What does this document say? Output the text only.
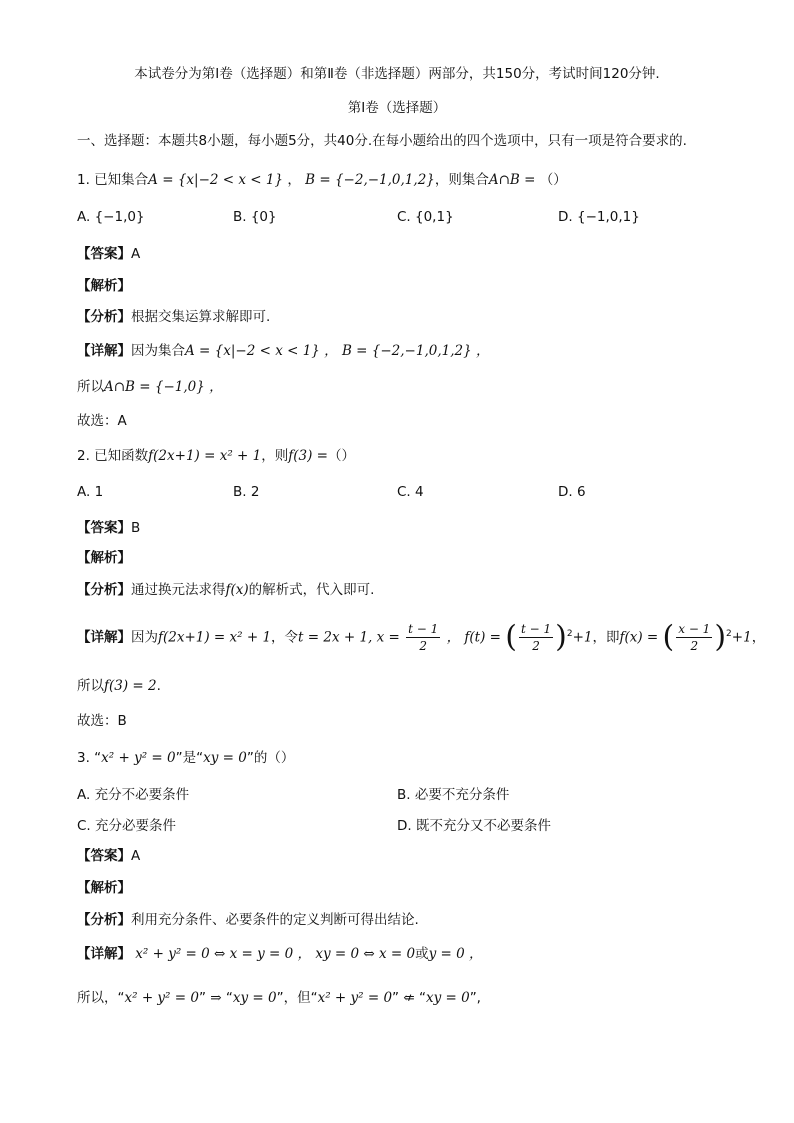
本试卷分为第Ⅰ卷（选择题）和第Ⅱ卷（非选择题）两部分，共150分，考试时间120分钟.
第Ⅰ卷（选择题）
一、选择题：本题共8小题，每小题5分，共40分.在每小题给出的四个选项中，只有一项是符合要求的.
1. 已知集合A = {x|−2 < x < 1} ， B = {−2,−1,0,1,2}，则集合A∩B = （）
A. {−1,0}	B. {0}	C. {0,1}	D. {−1,0,1}
【答案】A
【解析】
【分析】根据交集运算求解即可.
【详解】因为集合A = {x|−2 < x < 1} ， B = {−2,−1,0,1,2} ，
所以A∩B = {−1,0} ，
故选：A
2. 已知函数f(2x+1) = x² + 1，则f(3) =（）
A. 1	B. 2	C. 4	D. 6
【答案】B
【解析】
【分析】通过换元法求得f(x)的解析式，代入即可.
【详解】因为f(2x+1) = x² + 1，令t = 2x + 1, $x = \frac{t - 1}{2}$ ， f(t) = ( $\frac{t - 1}{2} )^2+1$，即f(x) = ( $\frac{x - 1}{2} )^2+1$，
所以f(3) = 2.
故选：B
3. “x² + y² = 0”是“xy = 0”的（）
A. 充分不必要条件	B. 必要不充分条件
C. 充分必要条件	D. 既不充分又不必要条件
【答案】A
【解析】
【分析】利用充分条件、必要条件的定义判断可得出结论.
【详解】 x² + y² = 0 ⇔ x = y = 0 ， xy = 0 ⇔ x = 0或y = 0 ，
所以，“x² + y² = 0” ⇒ “xy = 0”，但“x² + y² = 0” ⇍ “xy = 0”,
